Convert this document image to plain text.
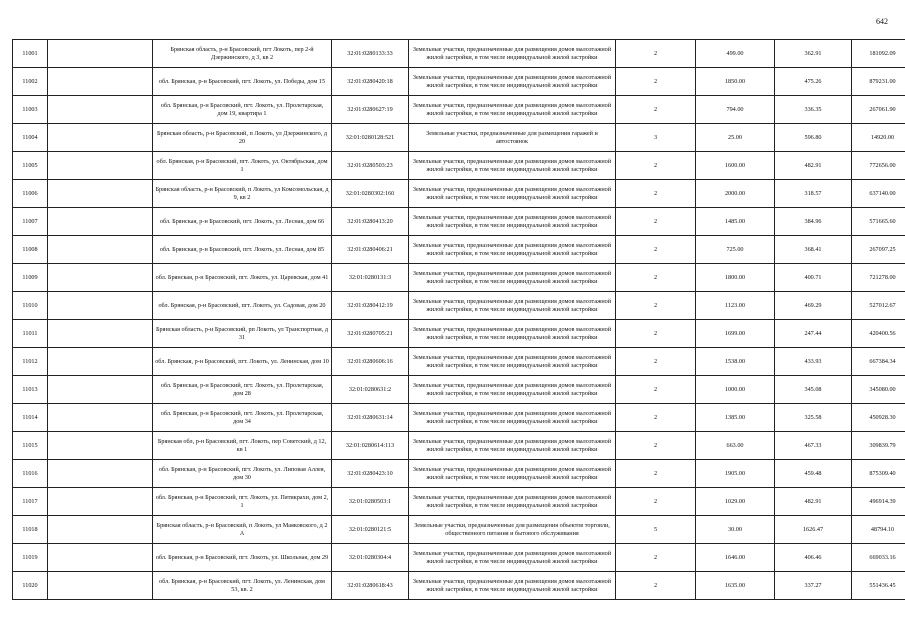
642
11001		Брянская область, р-н Брасовский, пгт Локоть, пер 2-й Дзержинского, д 3, кв 2	32:01:0280133:33	Земельные участки, предназначенные для размещения домов малоэтажной жилой застройки, в том числе индивидуальной жилой застройки	2	499.00	362.91	181092.09
11002		обл. Брянская, р-н Брасовский, пгт. Локоть, ул. Победы, дом 15	32:01:0280420:18	Земельные участки, предназначенные для размещения домов малоэтажной жилой застройки, в том числе индивидуальной жилой застройки	2	1850.00	475.26	879231.00
11003		обл. Брянская, р-н Брасовский, пгт. Локоть, ул. Пролетарская, дом 19, квартира 1	32:01:0280627:19	Земельные участки, предназначенные для размещения домов малоэтажной жилой застройки, в том числе индивидуальной жилой застройки	2	794.00	336.35	267061.90
11004		Брянская область, р-н Брасовский, п Локоть, ул Дзержинского, д 20	32:01:0280128:521	Земельные участки, предназначенные для размещения гаражей и автостоянок	3	25.00	596.80	14920.00
11005		обл. Брянская, р-н Брасовский, пгт. Локоть, ул. Октябрьская, дом 1	32:01:0280503:23	Земельные участки, предназначенные для размещения домов малоэтажной жилой застройки, в том числе индивидуальной жилой застройки	2	1600.00	482.91	772656.00
11006		Брянская область, р-н Брасовский, п Локоть, ул Комсомольская, д 9, кв 2	32:01:0280302:160	Земельные участки, предназначенные для размещения домов малоэтажной жилой застройки, в том числе индивидуальной жилой застройки	2	2000.00	318.57	637140.00
11007		обл. Брянская, р-н Брасовский, пгт. Локоть, ул. Лесная, дом 66	32:01:0280413:20	Земельные участки, предназначенные для размещения домов малоэтажной жилой застройки, в том числе индивидуальной жилой застройки	2	1485.00	384.96	571665.60
11008		обл. Брянская, р-н Брасовский, пгт. Локоть, ул. Лесная, дом 85	32:01:0280406:21	Земельные участки, предназначенные для размещения домов малоэтажной жилой застройки, в том числе индивидуальной жилой застройки	2	725.00	368.41	267097.25
11009		обл. Брянская, р-н Брасовский, пгт. Локоть, ул. Царевская, дом 41	32:01:0280131:3	Земельные участки, предназначенные для размещения домов малоэтажной жилой застройки, в том числе индивидуальной жилой застройки	2	1800.00	400.71	721278.00
11010		обл. Брянская, р-н Брасовский, пгт. Локоть, ул. Садовая, дом 20	32:01:0280412:19	Земельные участки, предназначенные для размещения домов малоэтажной жилой застройки, в том числе индивидуальной жилой застройки	2	1123.00	469.29	527012.67
11011		Брянская область, р-н Брасовский, рп Локоть, ул Транспортная, д 31	32:01:0280705:21	Земельные участки, предназначенные для размещения домов малоэтажной жилой застройки, в том числе индивидуальной жилой застройки	2	1699.00	247.44	420400.56
11012		обл. Брянская, р-н Брасовский, пгт. Локоть, ул. Ленинская, дом 10	32:01:0280606:16	Земельные участки, предназначенные для размещения домов малоэтажной жилой застройки, в том числе индивидуальной жилой застройки	2	1538.00	433.93	667384.34
11013		обл. Брянская, р-н Брасовский, пгт. Локоть, ул. Пролетарская, дом 28	32:01:0280631:2	Земельные участки, предназначенные для размещения домов малоэтажной жилой застройки, в том числе индивидуальной жилой застройки	2	1000.00	345.08	345080.00
11014		обл. Брянская, р-н Брасовский, пгт. Локоть, ул. Пролетарская, дом 34	32:01:0280631:14	Земельные участки, предназначенные для размещения домов малоэтажной жилой застройки, в том числе индивидуальной жилой застройки	2	1385.00	325.58	450928.30
11015		Брянская обл, р-н Брасовский, пгт. Локоть, пер Советский, д 12, кв 1	32:01:0280614:113	Земельные участки, предназначенные для размещения домов малоэтажной жилой застройки, в том числе индивидуальной жилой застройки	2	663.00	467.33	309839.79
11016		обл. Брянская, р-н Брасовский, пгт. Локоть, ул. Липовая Аллея, дом 30	32:01:0280423:10	Земельные участки, предназначенные для размещения домов малоэтажной жилой застройки, в том числе индивидуальной жилой застройки	2	1905.00	459.48	875309.40
11017		обл. Брянская, р-н Брасовский, пгт. Локоть, ул. Пятикрахи, дом 2, 1	32:01:0280503:1	Земельные участки, предназначенные для размещения домов малоэтажной жилой застройки, в том числе индивидуальной жилой застройки	2	1029.00	482.91	496914.39
11018		Брянская область, р-н Брасовский, п Локоть, ул Маяковского, д 2 А	32:01:0280121:5	Земельные участки, предназначенные для размещения объектов торговли, общественного питания и бытового обслуживания	5	30.00	1626.47	48794.10
11019		обл. Брянская, р-н Брасовский, пгт. Локоть, ул. Школьная, дом 29	32:01:0280304:4	Земельные участки, предназначенные для размещения домов малоэтажной жилой застройки, в том числе индивидуальной жилой застройки	2	1646.00	406.46	669033.16
11020		обл. Брянская, р-н Брасовский, пгт. Локоть, ул. Ленинская, дом 53, кв. 2	32:01:0280618:43	Земельные участки, предназначенные для размещения домов малоэтажной жилой застройки, в том числе индивидуальной жилой застройки	2	1635.00	337.27	551436.45
